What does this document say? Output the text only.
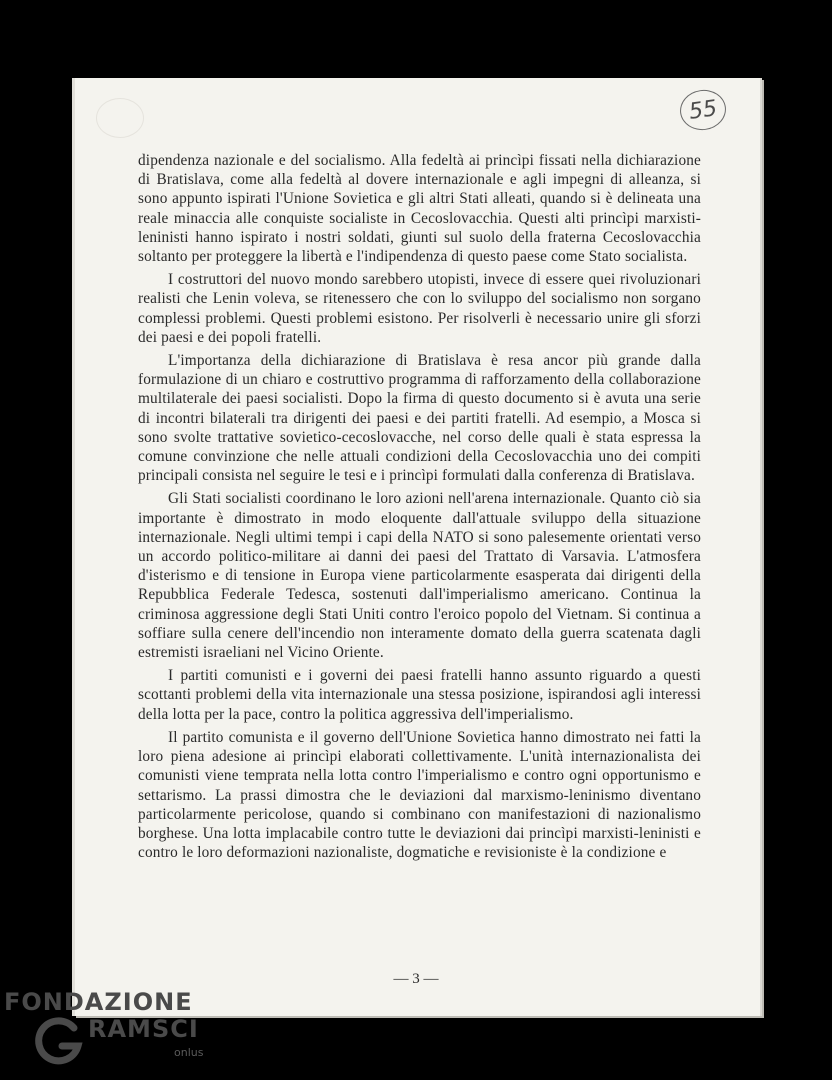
55

dipendenza nazionale e del socialismo. Alla fedeltà ai princìpi fissati nella dichiarazione di Bratislava, come alla fedeltà al dovere internazionale e agli impegni di alleanza, si sono appunto ispirati l'Unione Sovietica e gli altri Stati alleati, quando si è delineata una reale minaccia alle conquiste socialiste in Cecoslovacchia. Questi alti princìpi marxisti-leninisti hanno ispirato i nostri soldati, giunti sul suolo della fraterna Cecoslovacchia soltanto per proteggere la libertà e l'indipendenza di questo paese come Stato socialista.

I costruttori del nuovo mondo sarebbero utopisti, invece di essere quei rivoluzionari realisti che Lenin voleva, se ritenessero che con lo sviluppo del socialismo non sorgano complessi problemi. Questi problemi esistono. Per risolverli è necessario unire gli sforzi dei paesi e dei popoli fratelli.

L'importanza della dichiarazione di Bratislava è resa ancor più grande dalla formulazione di un chiaro e costruttivo programma di rafforzamento della collaborazione multilaterale dei paesi socialisti. Dopo la firma di questo documento si è avuta una serie di incontri bilaterali tra dirigenti dei paesi e dei partiti fratelli. Ad esempio, a Mosca si sono svolte trattative sovietico-cecoslovacche, nel corso delle quali è stata espressa la comune convinzione che nelle attuali condizioni della Cecoslovacchia uno dei compiti principali consista nel seguire le tesi e i princìpi formulati dalla conferenza di Bratislava.

Gli Stati socialisti coordinano le loro azioni nell'arena internazionale. Quanto ciò sia importante è dimostrato in modo eloquente dall'attuale sviluppo della situazione internazionale. Negli ultimi tempi i capi della NATO si sono palesemente orientati verso un accordo politico-militare ai danni dei paesi del Trattato di Varsavia. L'atmosfera d'isterismo e di tensione in Europa viene particolarmente esasperata dai dirigenti della Repubblica Federale Tedesca, sostenuti dall'imperialismo americano. Continua la criminosa aggressione degli Stati Uniti contro l'eroico popolo del Vietnam. Si continua a soffiare sulla cenere dell'incendio non interamente domato della guerra scatenata dagli estremisti israeliani nel Vicino Oriente.

I partiti comunisti e i governi dei paesi fratelli hanno assunto riguardo a questi scottanti problemi della vita internazionale una stessa posizione, ispirandosi agli interessi della lotta per la pace, contro la politica aggressiva dell'imperialismo.

Il partito comunista e il governo dell'Unione Sovietica hanno dimostrato nei fatti la loro piena adesione ai princìpi elaborati collettivamente. L'unità internazionalista dei comunisti viene temprata nella lotta contro l'imperialismo e contro ogni opportunismo e settarismo. La prassi dimostra che le deviazioni dal marxismo-leninismo diventano particolarmente pericolose, quando si combinano con manifestazioni di nazionalismo borghese. Una lotta implacabile contro tutte le deviazioni dai princìpi marxisti-leninisti e contro le loro deformazioni nazionaliste, dogmatiche e revisioniste è la condizione e

— 3 —
FONDAZIONE
RAMSCI
onlus
